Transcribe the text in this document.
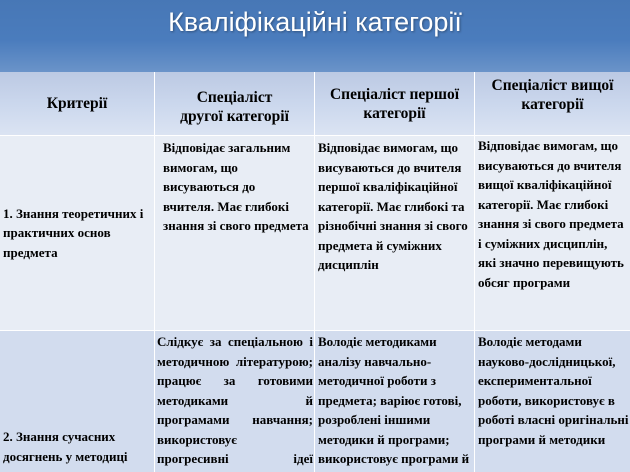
Кваліфікаційні категорії
Критерії	Спеціаліст
другої категорії
Спеціаліст першої
категорії
Спеціаліст вищої
категорії
1. Знання теоретичних і
практичних основ
предмета
Відповідає загальним
вимогам, що
висуваються до
вчителя. Має глибокі
знання зі свого предмета
Відповідає вимогам, що
висуваються до вчителя
першої кваліфікаційної
категорії. Має глибокі та
різнобічні знання зі свого
предмета й суміжних
дисциплін
Відповідає вимогам, що
висуваються до вчителя
вищої кваліфікаційної
категорії. Має глибокі
знання зі свого предмета
і суміжних дисциплін,
які значно перевищують
обсяг програми
2. Знання сучасних
досягнень у методиці
Слідкує за спеціальною і
методичною літературою;
працює за готовими
методиками й
програмами навчання;
використовує
прогресивні ідеї
Володіє методиками
аналізу навчально-
методичної роботи з
предмета; варіює готові,
розроблені іншими
методики й програми;
використовує програми й
Володіє методами
науково-дослідницької,
експериментальної
роботи, використовує в
роботі власні оригінальні
програми й методики
